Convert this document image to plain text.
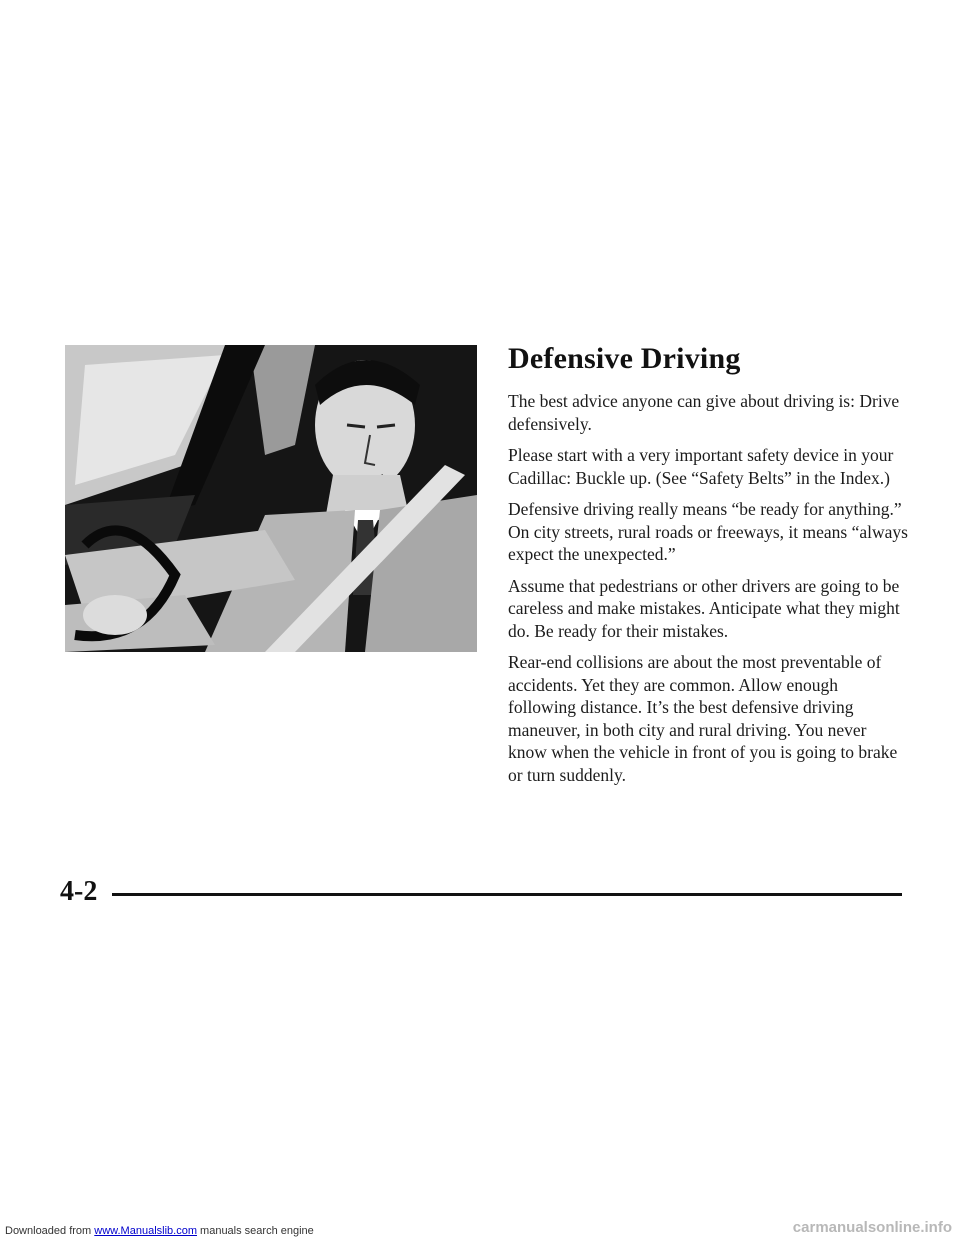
Defensive Driving

The best advice anyone can give about driving is: Drive defensively.

Please start with a very important safety device in your Cadillac: Buckle up. (See “Safety Belts” in the Index.)

Defensive driving really means “be ready for anything.” On city streets, rural roads or freeways, it means “always expect the unexpected.”

Assume that pedestrians or other drivers are going to be careless and make mistakes. Anticipate what they might do. Be ready for their mistakes.

Rear-end collisions are about the most preventable of accidents. Yet they are common. Allow enough following distance. It’s the best defensive driving maneuver, in both city and rural driving. You never know when the vehicle in front of you is going to brake or turn suddenly.

4-2
Downloaded from www.Manualslib.com manuals search engine	carmanualsonline.info
